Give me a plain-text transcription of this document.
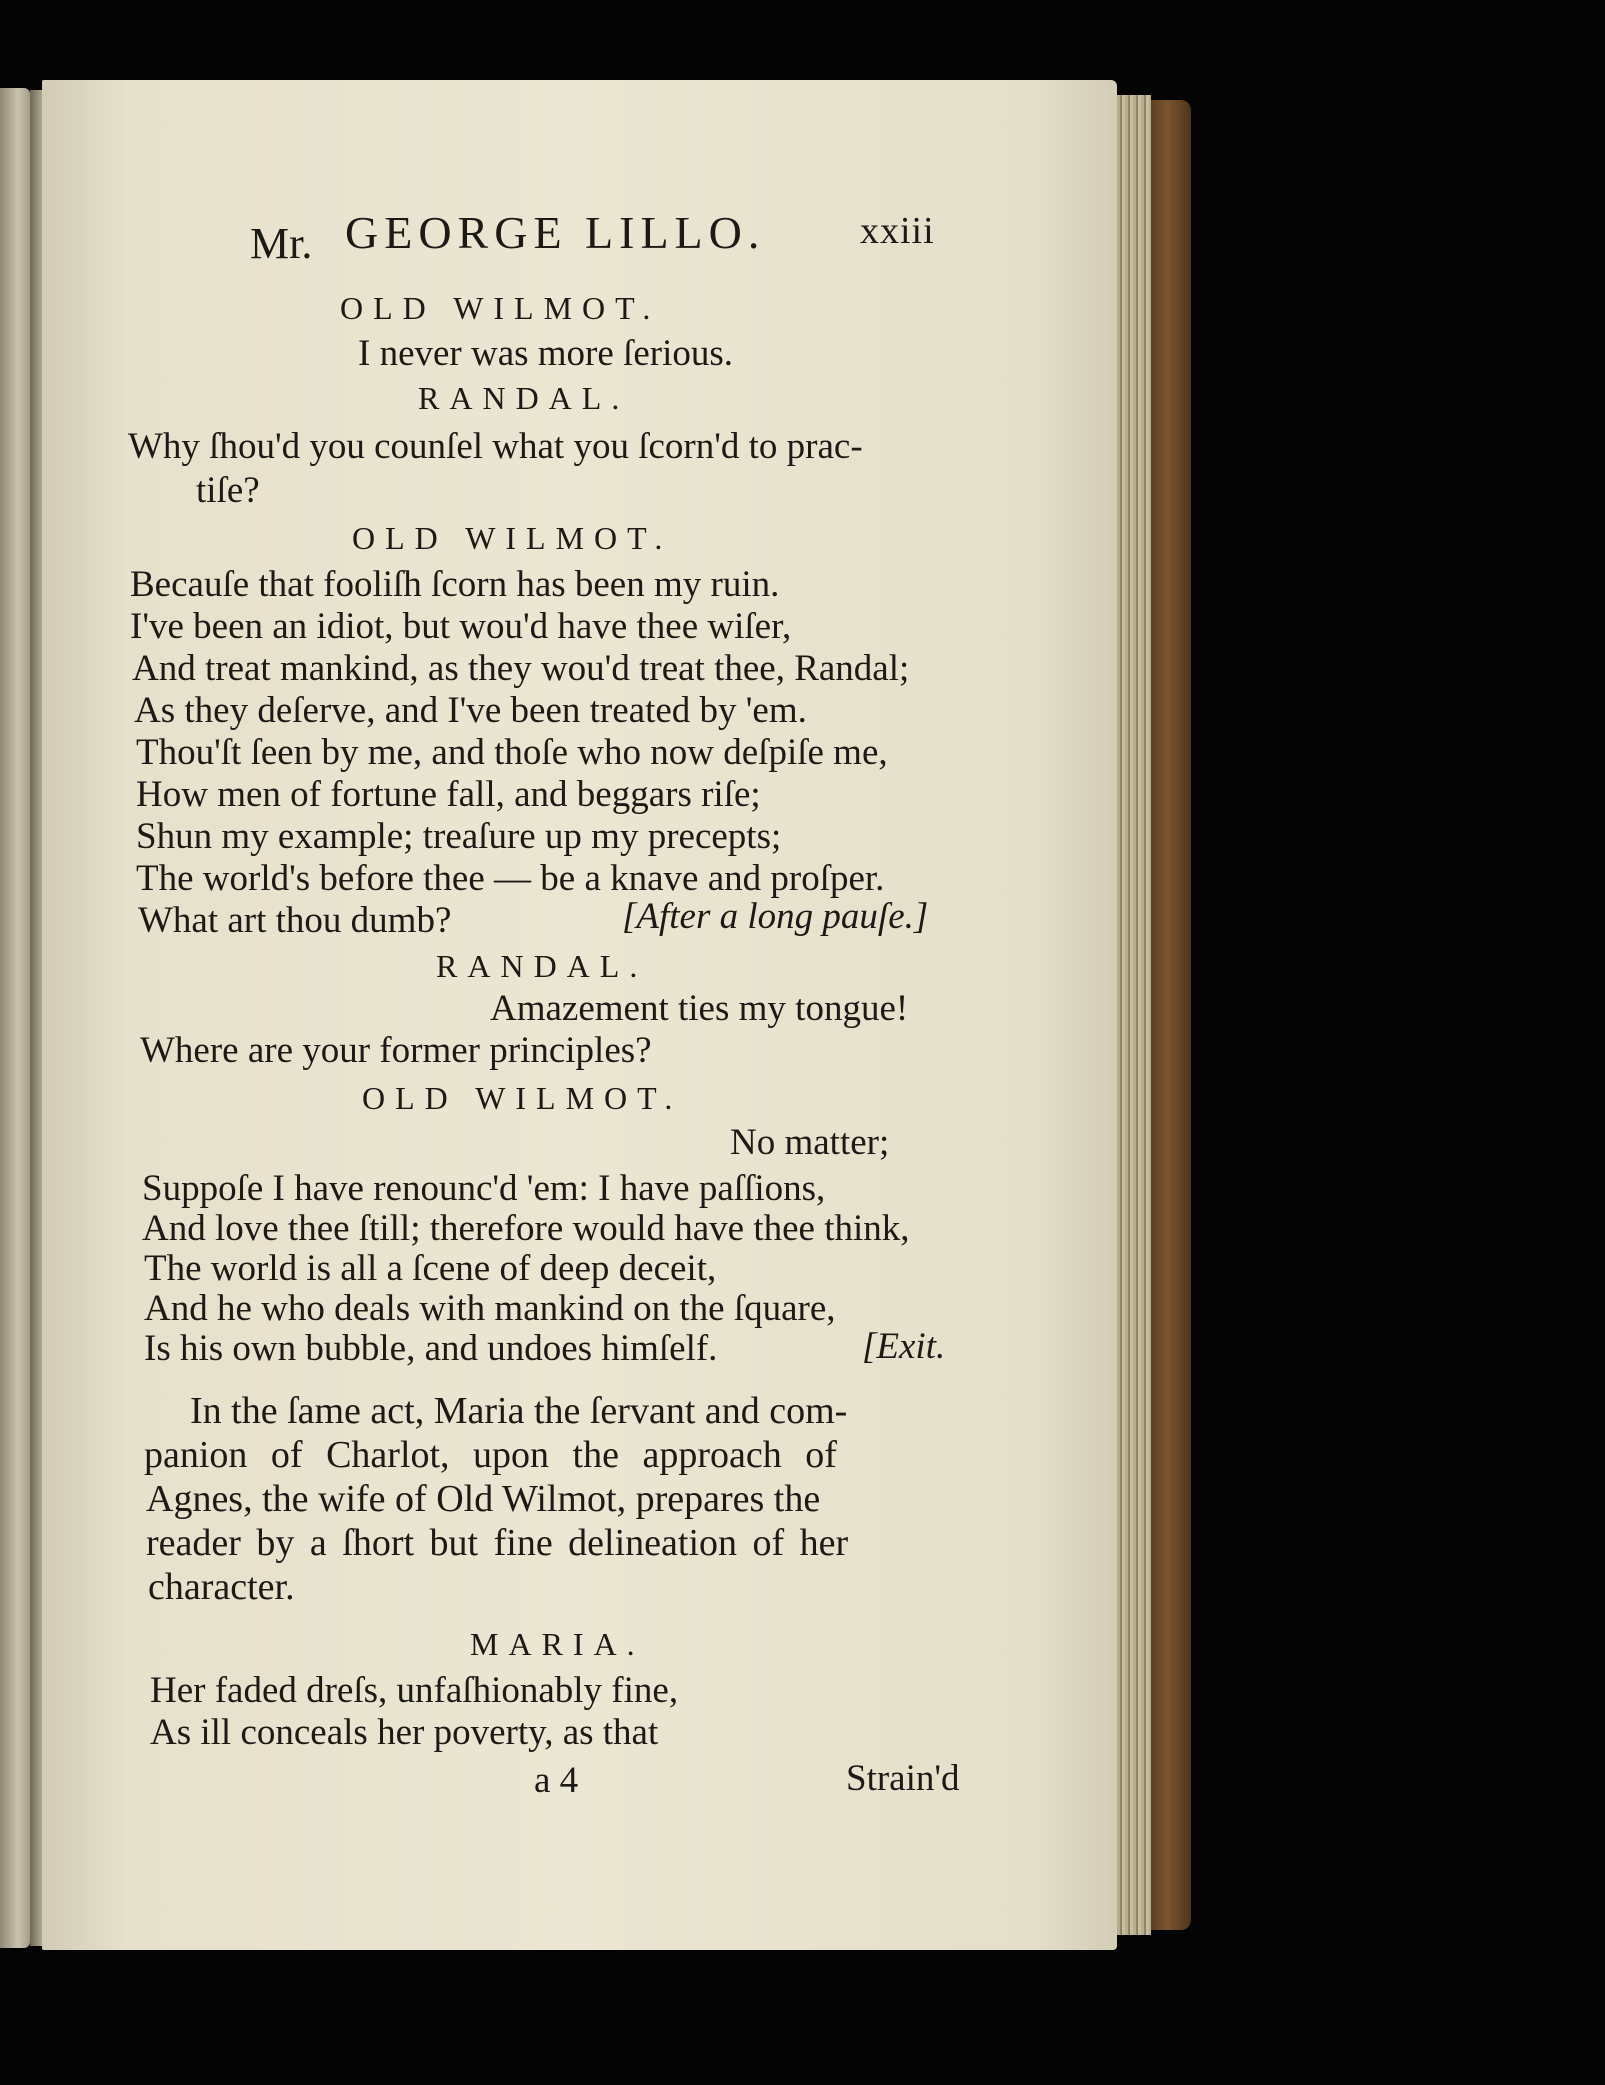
Mr. GEORGE LILLO. xxiii
OLD WILMOT.
I never was more ſerious.
RANDAL.
Why ſhou'd you counſel what you ſcorn'd to prac-
tiſe?
OLD WILMOT.
Becauſe that fooliſh ſcorn has been my ruin.
I've been an idiot, but wou'd have thee wiſer,
And treat mankind, as they wou'd treat thee, Randal;
As they deſerve, and I've been treated by 'em.
Thou'ſt ſeen by me, and thoſe who now deſpiſe me,
How men of fortune fall, and beggars riſe;
Shun my example; treaſure up my precepts;
The world's before thee — be a knave and proſper.
What art thou dumb?	[After a long pauſe.]
RANDAL.
Amazement ties my tongue!
Where are your former principles?
OLD WILMOT.
No matter;
Suppoſe I have renounc'd 'em: I have paſſions,
And love thee ſtill; therefore would have thee think,
The world is all a ſcene of deep deceit,
And he who deals with mankind on the ſquare,
Is his own bubble, and undoes himſelf.	[Exit.
In the ſame act, Maria the ſervant and com-
panion of Charlot, upon the approach of
Agnes, the wife of Old Wilmot, prepares the
reader by a ſhort but fine delineation of her
character.
MARIA.
Her faded dreſs, unfaſhionably fine,
As ill conceals her poverty, as that
a 4	Strain'd
